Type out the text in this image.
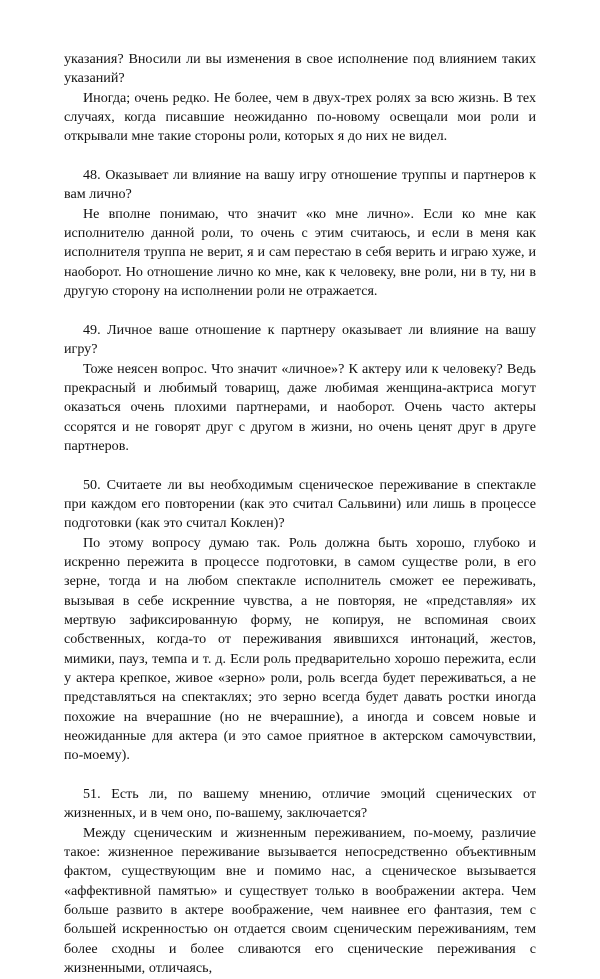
указания? Вносили ли вы изменения в свое исполнение под влиянием таких указаний?

Иногда; очень редко. Не более, чем в двух-трех ролях за всю жизнь. В тех случаях, когда писавшие неожиданно по-новому освещали мои роли и открывали мне такие стороны роли, которых я до них не видел.

48. Оказывает ли влияние на вашу игру отношение труппы и партнеров к вам лично?

Не вполне понимаю, что значит «ко мне лично». Если ко мне как исполнителю данной роли, то очень с этим считаюсь, и если в меня как исполнителя труппа не верит, я и сам перестаю в себя верить и играю хуже, и наоборот. Но отношение лично ко мне, как к человеку, вне роли, ни в ту, ни в другую сторону на исполнении роли не отражается.

49. Личное ваше отношение к партнеру оказывает ли влияние на вашу игру?

Тоже неясен вопрос. Что значит «личное»? К актеру или к человеку? Ведь прекрасный и любимый товарищ, даже любимая женщина-актриса могут оказаться очень плохими партнерами, и наоборот. Очень часто актеры ссорятся и не говорят друг с другом в жизни, но очень ценят друг в друге партнеров.

50. Считаете ли вы необходимым сценическое переживание в спектакле при каждом его повторении (как это считал Сальвини) или лишь в процессе подготовки (как это считал Коклен)?

По этому вопросу думаю так. Роль должна быть хорошо, глубоко и искренно пережита в процессе подготовки, в самом существе роли, в его зерне, тогда и на любом спектакле исполнитель сможет ее переживать, вызывая в себе искренние чувства, а не повторяя, не «представляя» их мертвую зафиксированную форму, не копируя, не вспоминая своих собственных, когда-то от переживания явившихся интонаций, жестов, мимики, пауз, темпа и т. д. Если роль предварительно хорошо пережита, если у актера крепкое, живое «зерно» роли, роль всегда будет переживаться, а не представляться на спектаклях; это зерно всегда будет давать ростки иногда похожие на вчерашние (но не вчерашние), а иногда и совсем новые и неожиданные для актера (и это самое приятное в актерском самочувствии, по-моему).

51. Есть ли, по вашему мнению, отличие эмоций сценических от жизненных, и в чем оно, по-вашему, заключается?

Между сценическим и жизненным переживанием, по-моему, различие такое: жизненное переживание вызывается непосредственно объективным фактом, существующим вне и помимо нас, а сценическое вызывается «аффективной памятью» и существует только в воображении актера. Чем больше развито в актере воображение, чем наивнее его фантазия, тем с большей искренностью он отдается своим сценическим переживаниям, тем более сходны и более сливаются его сценические переживания с жизненными, отличаясь,
